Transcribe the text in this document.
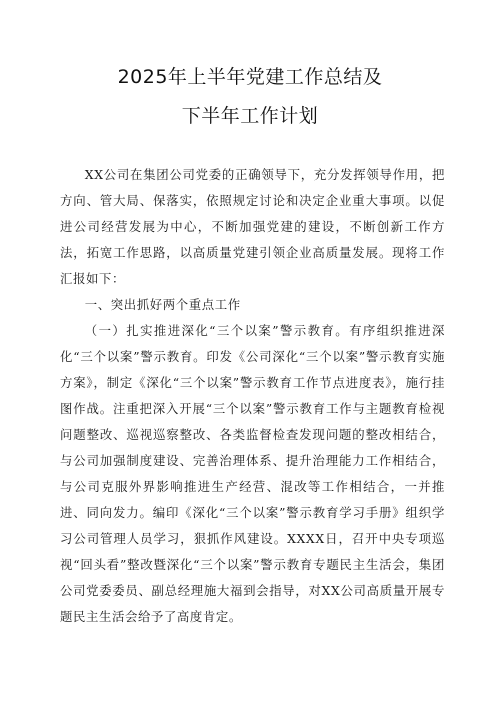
2025年上半年党建工作总结及
下半年工作计划

XX公司在集团公司党委的正确领导下，充分发挥领导作用，把方向、管大局、保落实，依照规定讨论和决定企业重大事项。以促进公司经营发展为中心，不断加强党建的建设，不断创新工作方法，拓宽工作思路，以高质量党建引领企业高质量发展。现将工作汇报如下：

一、突出抓好两个重点工作

（一）扎实推进深化“三个以案”警示教育。有序组织推进深化“三个以案”警示教育。印发《公司深化“三个以案”警示教育实施方案》，制定《深化“三个以案”警示教育工作节点进度表》，施行挂图作战。注重把深入开展“三个以案”警示教育工作与主题教育检视问题整改、巡视巡察整改、各类监督检查发现问题的整改相结合，与公司加强制度建设、完善治理体系、提升治理能力工作相结合，与公司克服外界影响推进生产经营、混改等工作相结合，一并推进、同向发力。编印《深化“三个以案”警示教育学习手册》组织学习公司管理人员学习，狠抓作风建设。XXXX日，召开中央专项巡视“回头看”整改暨深化“三个以案”警示教育专题民主生活会，集团公司党委委员、副总经理施大福到会指导，对XX公司高质量开展专题民主生活会给予了高度肯定。
